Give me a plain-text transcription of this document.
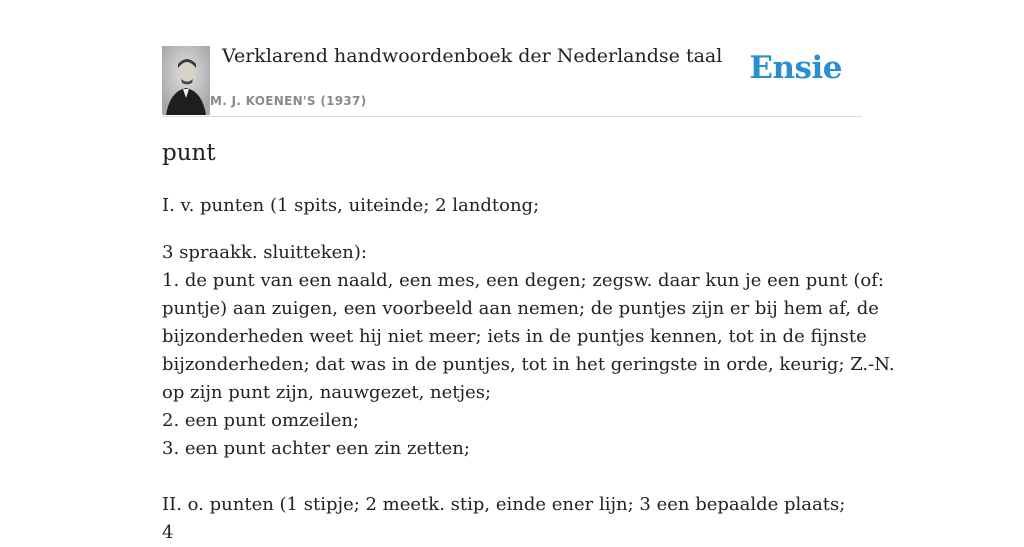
Verklarend handwoordenboek der Nederlandse taal
M. J. KOENEN'S (1937)
Ensie
punt
I. v. punten (1 spits, uiteinde; 2 landtong;
3 spraakk. sluitteken):
1. de punt van een naald, een mes, een degen; zegsw. daar kun je een punt (of:
puntje) aan zuigen, een voorbeeld aan nemen; de puntjes zijn er bij hem af, de
bijzonderheden weet hij niet meer; iets in de puntjes kennen, tot in de fijnste
bijzonderheden; dat was in de puntjes, tot in het geringste in orde, keurig; Z.-N.
op zijn punt zijn, nauwgezet, netjes;
2. een punt omzeilen;
3. een punt achter een zin zetten;
II. o. punten (1 stipje; 2 meetk. stip, einde ener lijn; 3 een bepaalde plaats; 4
